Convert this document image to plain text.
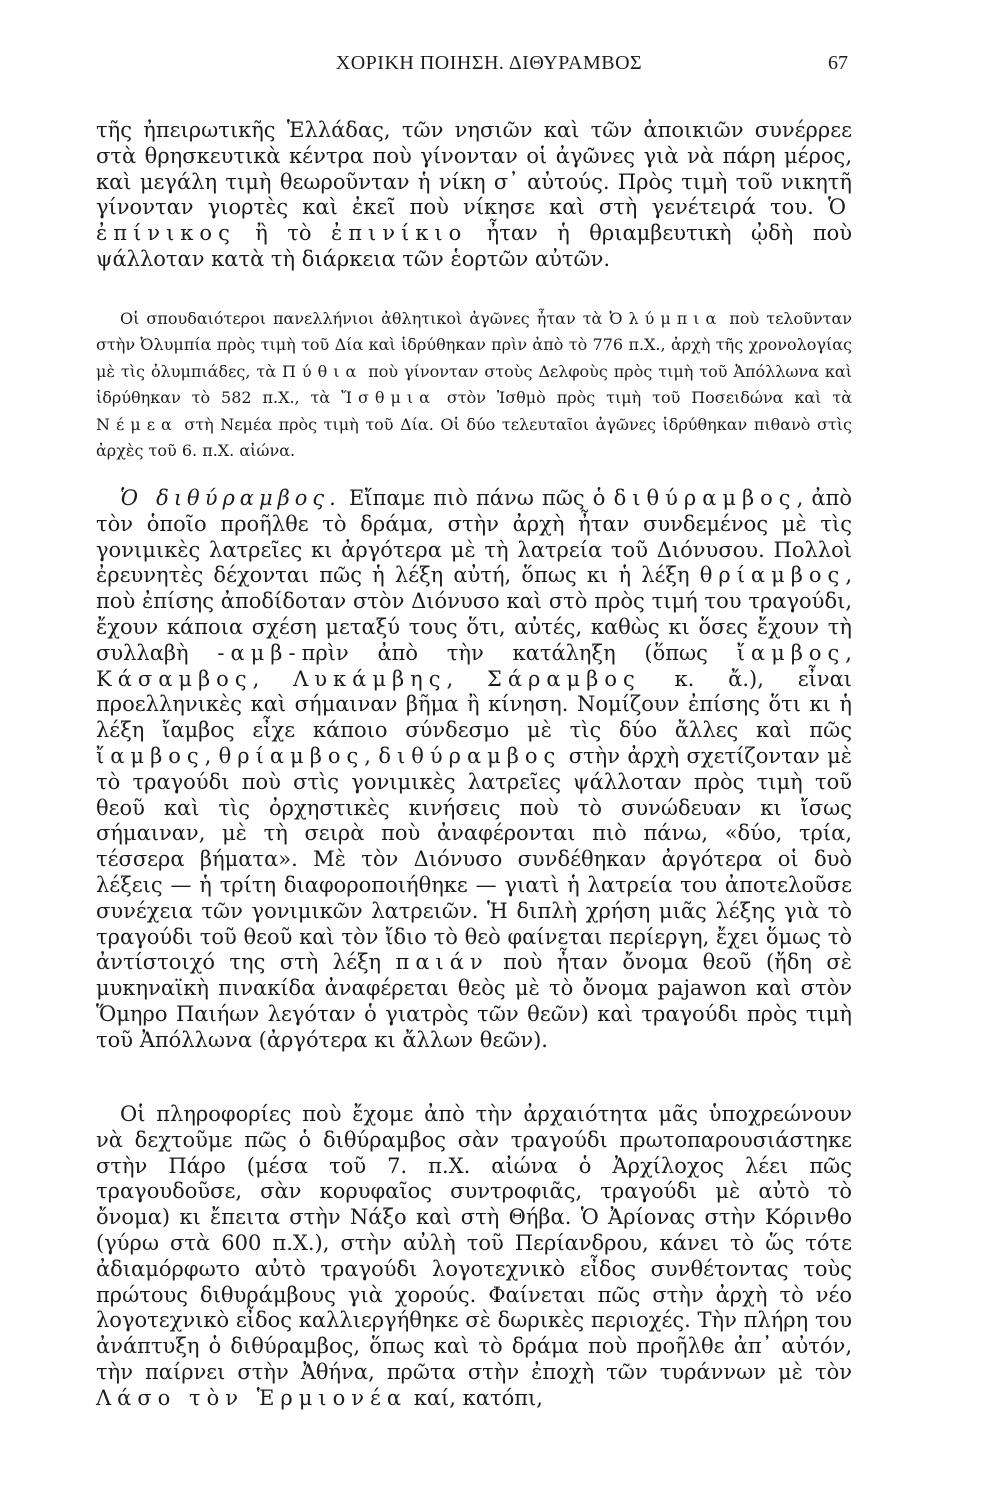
ΧΟΡΙΚΗ ΠΟΙΗΣΗ. ΔΙΘΥΡΑΜΒΟΣ	67

τῆς ἠπειρωτικῆς Ἑλλάδας, τῶν νησιῶν καὶ τῶν ἀποικιῶν συνέρρεε στὰ θρησκευτικὰ κέντρα ποὺ γίνονταν οἱ ἀγῶνες γιὰ νὰ πάρη μέρος, καὶ μεγάλη τιμὴ θεωροῦνταν ἡ νίκη σ᾽ αὐτούς. Πρὸς τιμὴ τοῦ νικητῆ γίνονταν γιορτὲς καὶ ἐκεῖ ποὺ νίκησε καὶ στὴ γενέτειρά του. Ὁ ἐπίνικος ἢ τὸ ἐπινίκιο ἦταν ἡ θριαμβευτικὴ ᾠδὴ ποὺ ψάλλοταν κατὰ τὴ διάρκεια τῶν ἑορτῶν αὐτῶν.

Οἱ σπουδαιότεροι πανελλήνιοι ἀθλητικοὶ ἀγῶνες ἦταν τὰ Ὀλύμπια ποὺ τελοῦνταν στὴν Ὀλυμπία πρὸς τιμὴ τοῦ Δία καὶ ἱδρύθηκαν πρὶν ἀπὸ τὸ 776 π.Χ., ἀρχὴ τῆς χρονολογίας μὲ τὶς ὀλυμπιάδες, τὰ Πύθια ποὺ γίνονταν στοὺς Δελφοὺς πρὸς τιμὴ τοῦ Ἀπόλλωνα καὶ ἱδρύθηκαν τὸ 582 π.Χ., τὰ Ἴσθμια στὸν Ἰσθμὸ πρὸς τιμὴ τοῦ Ποσειδώνα καὶ τὰ Νέμεα στὴ Νεμέα πρὸς τιμὴ τοῦ Δία. Οἱ δύο τελευταῖοι ἀγῶνες ἱδρύθηκαν πιθανὸ στὶς ἀρχὲς τοῦ 6. π.Χ. αἰώνα.

Ὁ διθύραμβος. Εἴπαμε πιὸ πάνω πῶς ὁ διθύραμβος, ἀπὸ τὸν ὁποῖο προῆλθε τὸ δράμα, στὴν ἀρχὴ ἦταν συνδεμένος μὲ τὶς γονιμικὲς λατρεῖες κι ἀργότερα μὲ τὴ λατρεία τοῦ Διόνυσου. Πολλοὶ ἐρευνητὲς δέχονται πῶς ἡ λέξη αὐτή, ὅπως κι ἡ λέξη θρίαμβος, ποὺ ἐπίσης ἀποδίδοταν στὸν Διόνυσο καὶ στὸ πρὸς τιμή του τραγούδι, ἔχουν κάποια σχέση μεταξύ τους ὅτι, αὐτές, καθὼς κι ὅσες ἔχουν τὴ συλλαβὴ -αμβ-πρὶν ἀπὸ τὴν κατάληξη (ὅπως ἴαμβος, Κάσαμβος, Λυκάμβης, Σάραμβος κ. ἄ.), εἶναι προελληνικὲς καὶ σήμαιναν βῆμα ἢ κίνηση. Νομίζουν ἐπίσης ὅτι κι ἡ λέξη ἴαμβος εἶχε κάποιο σύνδεσμο μὲ τὶς δύο ἄλλες καὶ πῶς ἴαμβος, θρίαμβος, διθύραμβος στὴν ἀρχὴ σχετίζονταν μὲ τὸ τραγούδι ποὺ στὶς γονιμικὲς λατρεῖες ψάλλοταν πρὸς τιμὴ τοῦ θεοῦ καὶ τὶς ὀρχηστικὲς κινήσεις ποὺ τὸ συνώδευαν κι ἴσως σήμαιναν, μὲ τὴ σειρὰ ποὺ ἀναφέρονται πιὸ πάνω, «δύο, τρία, τέσσερα βήματα». Μὲ τὸν Διόνυσο συνδέθηκαν ἀργότερα οἱ δυὸ λέξεις — ἡ τρίτη διαφοροποιήθηκε — γιατὶ ἡ λατρεία του ἀποτελοῦσε συνέχεια τῶν γονιμικῶν λατρειῶν. Ἡ διπλὴ χρήση μιᾶς λέξης γιὰ τὸ τραγούδι τοῦ θεοῦ καὶ τὸν ἴδιο τὸ θεὸ φαίνεται περίεργη, ἔχει ὅμως τὸ ἀντίστοιχό της στὴ λέξη παιάν ποὺ ἦταν ὄνομα θεοῦ (ἤδη σὲ μυκηναϊκὴ πινακίδα ἀναφέρεται θεὸς μὲ τὸ ὄνομα pajawon καὶ στὸν Ὅμηρο Παιήων λεγόταν ὁ γιατρὸς τῶν θεῶν) καὶ τραγούδι πρὸς τιμὴ τοῦ Ἀπόλλωνα (ἀργότερα κι ἄλλων θεῶν).

Οἱ πληροφορίες ποὺ ἔχομε ἀπὸ τὴν ἀρχαιότητα μᾶς ὑποχρεώνουν νὰ δεχτοῦμε πῶς ὁ διθύραμβος σὰν τραγούδι πρωτοπαρουσιάστηκε στὴν Πάρο (μέσα τοῦ 7. π.Χ. αἰώνα ὁ Ἀρχίλοχος λέει πῶς τραγουδοῦσε, σὰν κορυφαῖος συντροφιᾶς, τραγούδι μὲ αὐτὸ τὸ ὄνομα) κι ἔπειτα στὴν Νάξο καὶ στὴ Θήβα. Ὁ Ἀρίονας στὴν Κόρινθο (γύρω στὰ 600 π.Χ.), στὴν αὐλὴ τοῦ Περίανδρου, κάνει τὸ ὥς τότε ἀδιαμόρφωτο αὐτὸ τραγούδι λογοτεχνικὸ εἶδος συνθέτοντας τοὺς πρώτους διθυράμβους γιὰ χορούς. Φαίνεται πῶς στὴν ἀρχὴ τὸ νέο λογοτεχνικὸ εἶδος καλλιεργήθηκε σὲ δωρικὲς περιοχές. Τὴν πλήρη του ἀνάπτυξη ὁ διθύραμβος, ὅπως καὶ τὸ δράμα ποὺ προῆλθε ἀπ᾽ αὐτόν, τὴν παίρνει στὴν Ἀθήνα, πρῶτα στὴν ἐποχὴ τῶν τυράννων μὲ τὸν Λάσο τὸν Ἑρμιονέα καί, κατόπι,
